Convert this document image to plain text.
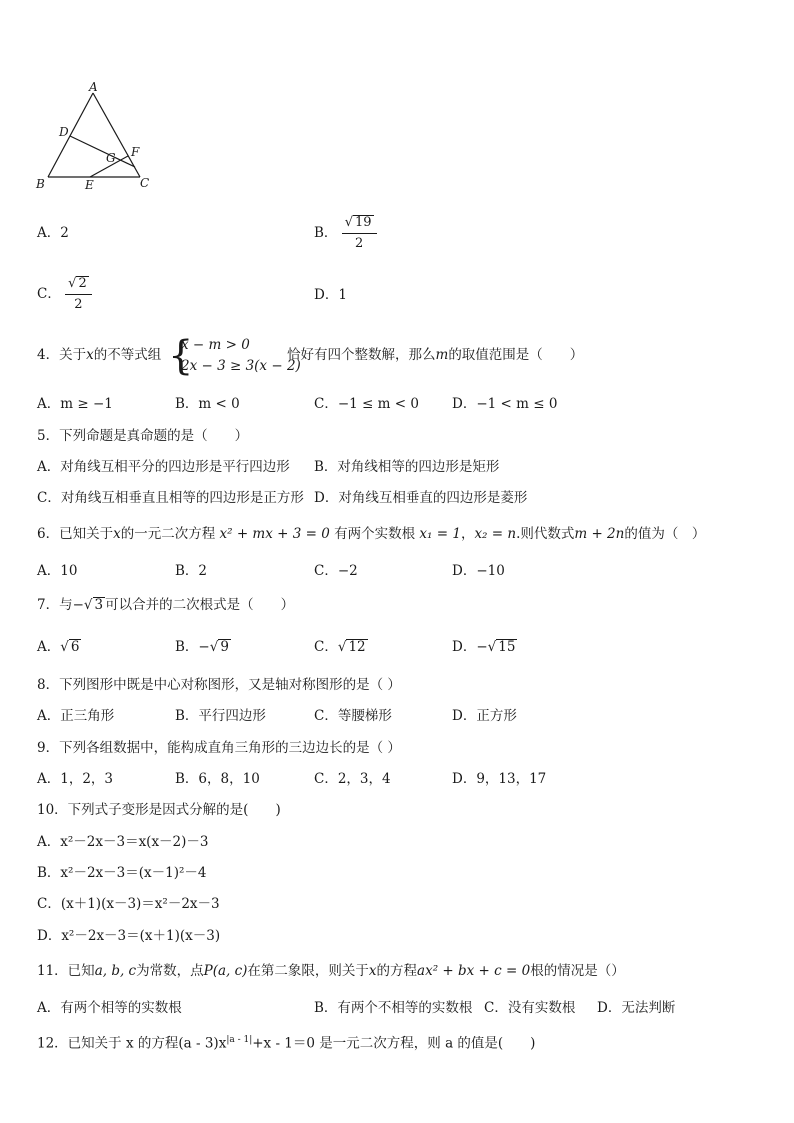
A
B	C
D
E
F
G
A．2	B． $\frac{√ 19}{2}$
C． $\frac{√ 2}{2}$	D．1
4．关于x的不等式组 {
x − m > 0
2x − 3 ≥ 3(x − 2)
恰好有四个整数解，那么m的取值范围是（　　）
A．m ≥ −1	B．m < 0	C．−1 ≤ m < 0 D．−1 < m ≤ 0
5．下列命题是真命题的是（　　）
A．对角线互相平分的四边形是平行四边形 B．对角线相等的四边形是矩形
C．对角线互相垂直且相等的四边形是正方形 D．对角线互相垂直的四边形是菱形
6．已知关于x的一元二次方程 x² + mx + 3 = 0 有两个实数根 x₁ = 1，x₂ = n.则代数式m + 2n的值为（　）
A．10	B．2	C．−2	D．−10
7．与−√ 3 可以合并的二次根式是（　　）
A．√ 6	B．−√ 9	C．√ 12	D．−√ 15
8．下列图形中既是中心对称图形，又是轴对称图形的是（ ）
A．正三角形	B．平行四边形	C．等腰梯形	D．正方形
9．下列各组数据中，能构成直角三角形的三边边长的是（ ）
A．1，2，3	B．6，8，10	C．2，3，4	D．9，13，17
10．下列式子变形是因式分解的是(　　)
A．x²－2x－3＝x(x－2)－3
B．x²－2x－3＝(x－1)²－4
C．(x＋1)(x－3)＝x²－2x－3
D．x²－2x－3＝(x＋1)(x－3)
11．已知a, b, c为常数，点P(a, c)在第二象限，则关于x的方程ax² + bx + c = 0根的情况是（）
A．有两个相等的实数根	B．有两个不相等的实数根 C．没有实数根 D．无法判断
12．已知关于 x 的方程$(a - 3)x^{|a - 1|}+x - 1=0$ 是一元二次方程，则 a 的值是(　　)
